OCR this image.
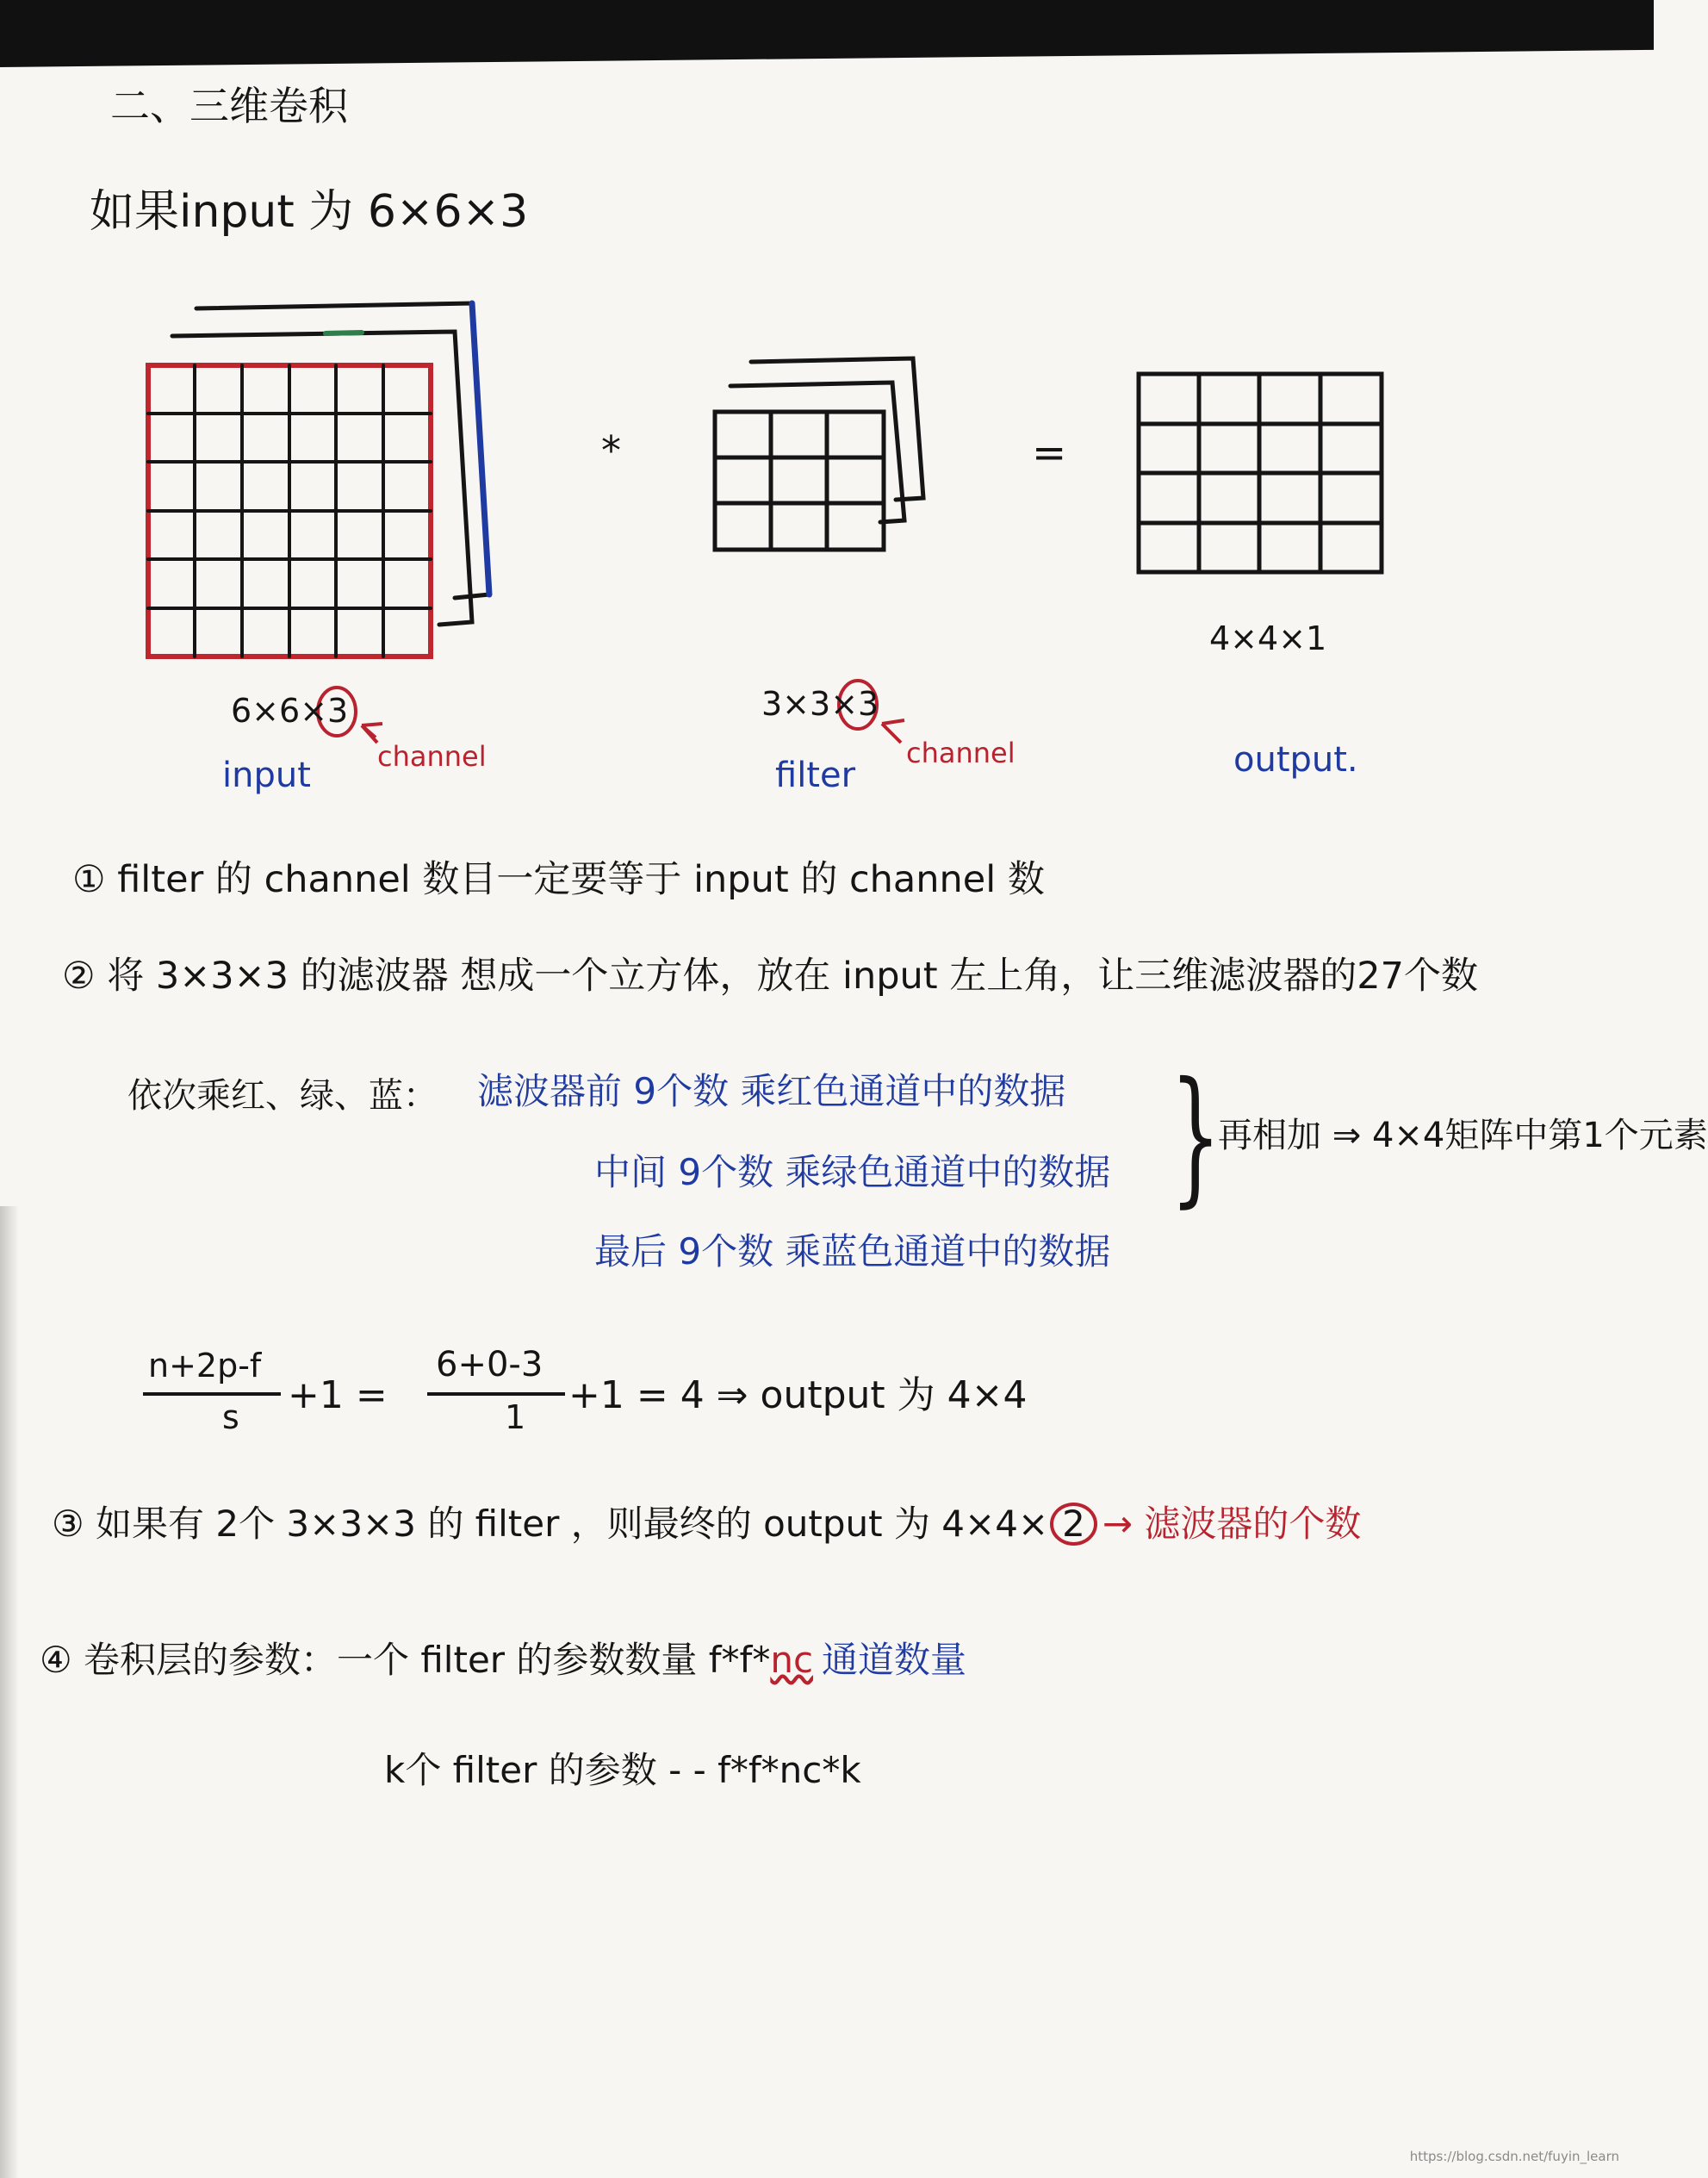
二、三维卷积
如果input 为 6×6×3
*	=
6×6×3
channel
input
3×3×3
channel
filter
4×4×1
output.
① filter 的 channel 数目一定要等于 input 的 channel 数
② 将 3×3×3 的滤波器 想成一个立方体，放在 input 左上角，让三维滤波器的27个数
依次乘红、绿、蓝： 滤波器前 9个数 乘红色通道中的数据
中间 9个数 乘绿色通道中的数据
最后 9个数 乘蓝色通道中的数据
}
再相加 ⇒ 4×4矩阵中第1个元素
n+2p-f
s +1 =
6+0-3
1 +1 = 4 ⇒ output 为 4×4
③ 如果有 2个 3×3×3 的 filter ，则最终的 output 为 4×4× 2 → 滤波器的个数
④ 卷积层的参数：一个 filter 的参数数量 f*f*nc 通道数量
k个 filter 的参数 - - f*f*nc*k
https://blog.csdn.net/fuyin_learn
